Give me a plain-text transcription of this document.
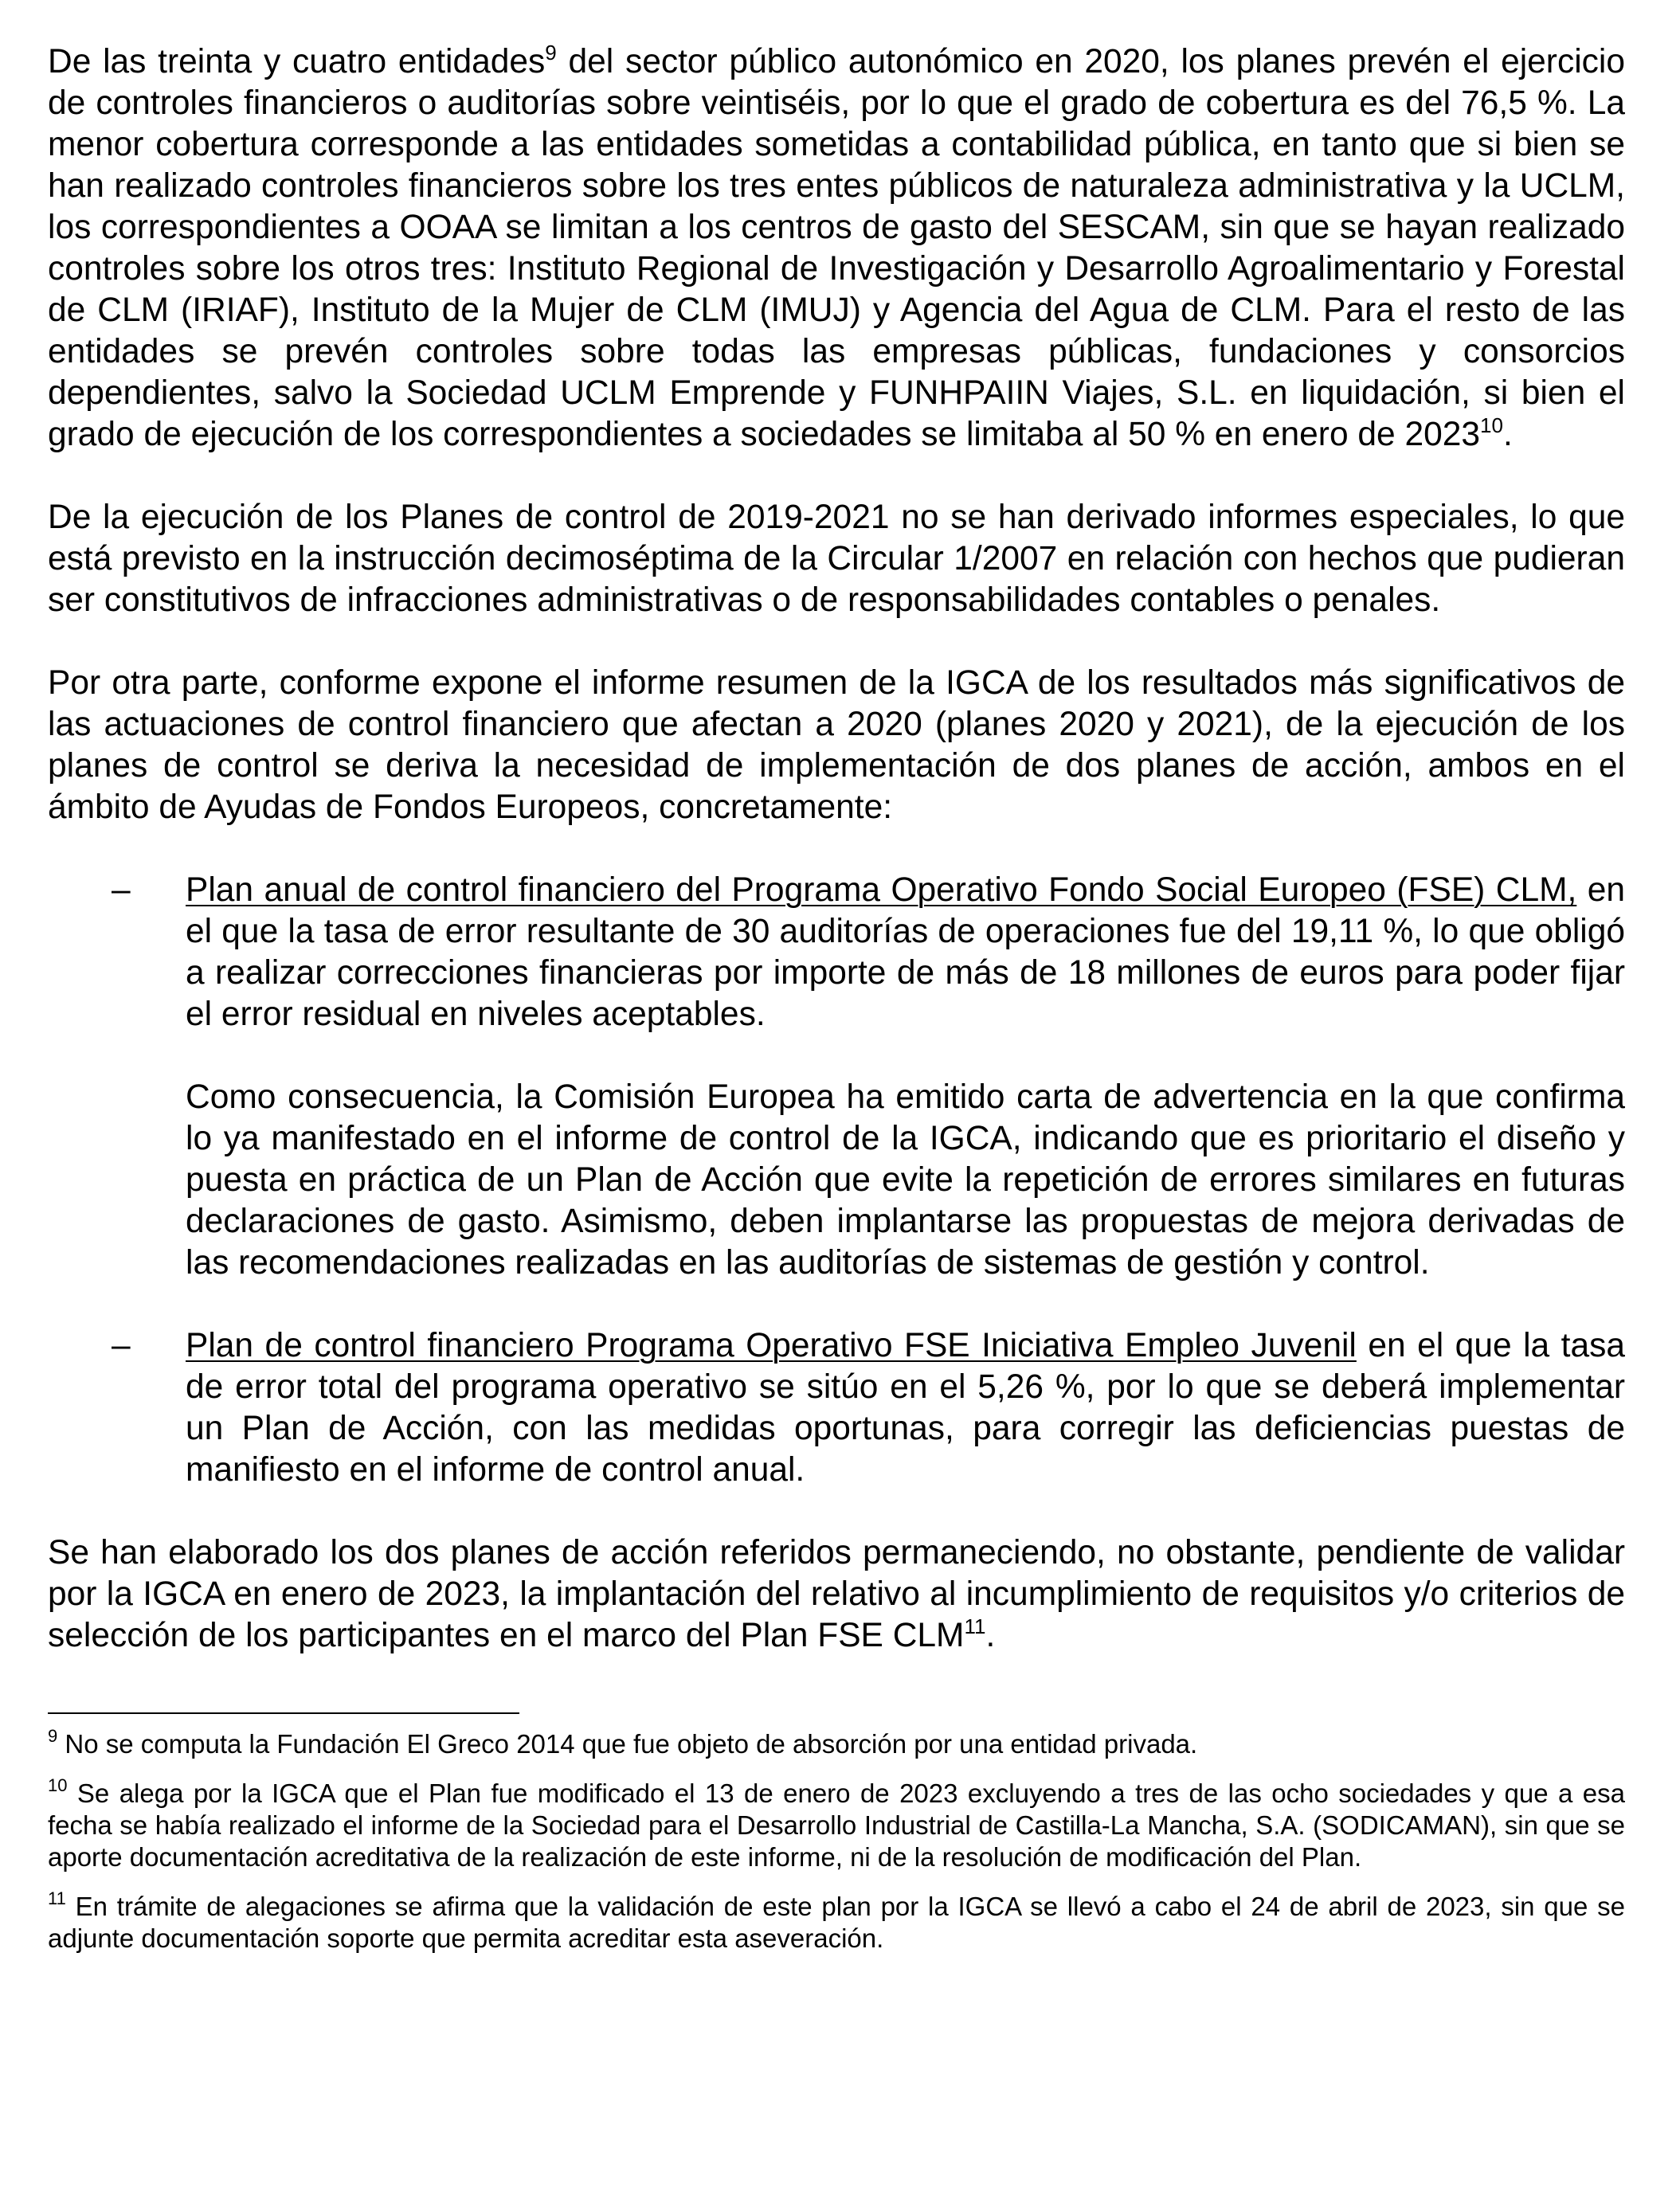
De las treinta y cuatro entidades$^9$ del sector público autonómico en 2020, los planes prevén el ejercicio de controles financieros o auditorías sobre veintiséis, por lo que el grado de cobertura es del 76,5 %. La menor cobertura corresponde a las entidades sometidas a contabilidad pública, en tanto que si bien se han realizado controles financieros sobre los tres entes públicos de naturaleza administrativa y la UCLM, los correspondientes a OOAA se limitan a los centros de gasto del SESCAM, sin que se hayan realizado controles sobre los otros tres: Instituto Regional de Investigación y Desarrollo Agroalimentario y Forestal de CLM (IRIAF), Instituto de la Mujer de CLM (IMUJ) y Agencia del Agua de CLM. Para el resto de las entidades se prevén controles sobre todas las empresas públicas, fundaciones y consorcios dependientes, salvo la Sociedad UCLM Emprende y FUNHPAIIN Viajes, S.L. en liquidación, si bien el grado de ejecución de los correspondientes a sociedades se limitaba al 50 % en enero de 2023$^{10}$.

De la ejecución de los Planes de control de 2019-2021 no se han derivado informes especiales, lo que está previsto en la instrucción decimoséptima de la Circular 1/2007 en relación con hechos que pudieran ser constitutivos de infracciones administrativas o de responsabilidades contables o penales.

Por otra parte, conforme expone el informe resumen de la IGCA de los resultados más significativos de las actuaciones de control financiero que afectan a 2020 (planes 2020 y 2021), de la ejecución de los planes de control se deriva la necesidad de implementación de dos planes de acción, ambos en el ámbito de Ayudas de Fondos Europeos, concretamente:

– Plan anual de control financiero del Programa Operativo Fondo Social Europeo (FSE) CLM, en el que la tasa de error resultante de 30 auditorías de operaciones fue del 19,11 %, lo que obligó a realizar correcciones financieras por importe de más de 18 millones de euros para poder fijar el error residual en niveles aceptables.

Como consecuencia, la Comisión Europea ha emitido carta de advertencia en la que confirma lo ya manifestado en el informe de control de la IGCA, indicando que es prioritario el diseño y puesta en práctica de un Plan de Acción que evite la repetición de errores similares en futuras declaraciones de gasto. Asimismo, deben implantarse las propuestas de mejora derivadas de las recomendaciones realizadas en las auditorías de sistemas de gestión y control.

– Plan de control financiero Programa Operativo FSE Iniciativa Empleo Juvenil en el que la tasa de error total del programa operativo se sitúo en el 5,26 %, por lo que se deberá implementar un Plan de Acción, con las medidas oportunas, para corregir las deficiencias puestas de manifiesto en el informe de control anual.

Se han elaborado los dos planes de acción referidos permaneciendo, no obstante, pendiente de validar por la IGCA en enero de 2023, la implantación del relativo al incumplimiento de requisitos y/o criterios de selección de los participantes en el marco del Plan FSE CLM$^{11}$.

$^9$ No se computa la Fundación El Greco 2014 que fue objeto de absorción por una entidad privada.

$^{10}$ Se alega por la IGCA que el Plan fue modificado el 13 de enero de 2023 excluyendo a tres de las ocho sociedades y que a esa fecha se había realizado el informe de la Sociedad para el Desarrollo Industrial de Castilla-La Mancha, S.A. (SODICAMAN), sin que se aporte documentación acreditativa de la realización de este informe, ni de la resolución de modificación del Plan.

$^{11}$ En trámite de alegaciones se afirma que la validación de este plan por la IGCA se llevó a cabo el 24 de abril de 2023, sin que se adjunte documentación soporte que permita acreditar esta aseveración.
